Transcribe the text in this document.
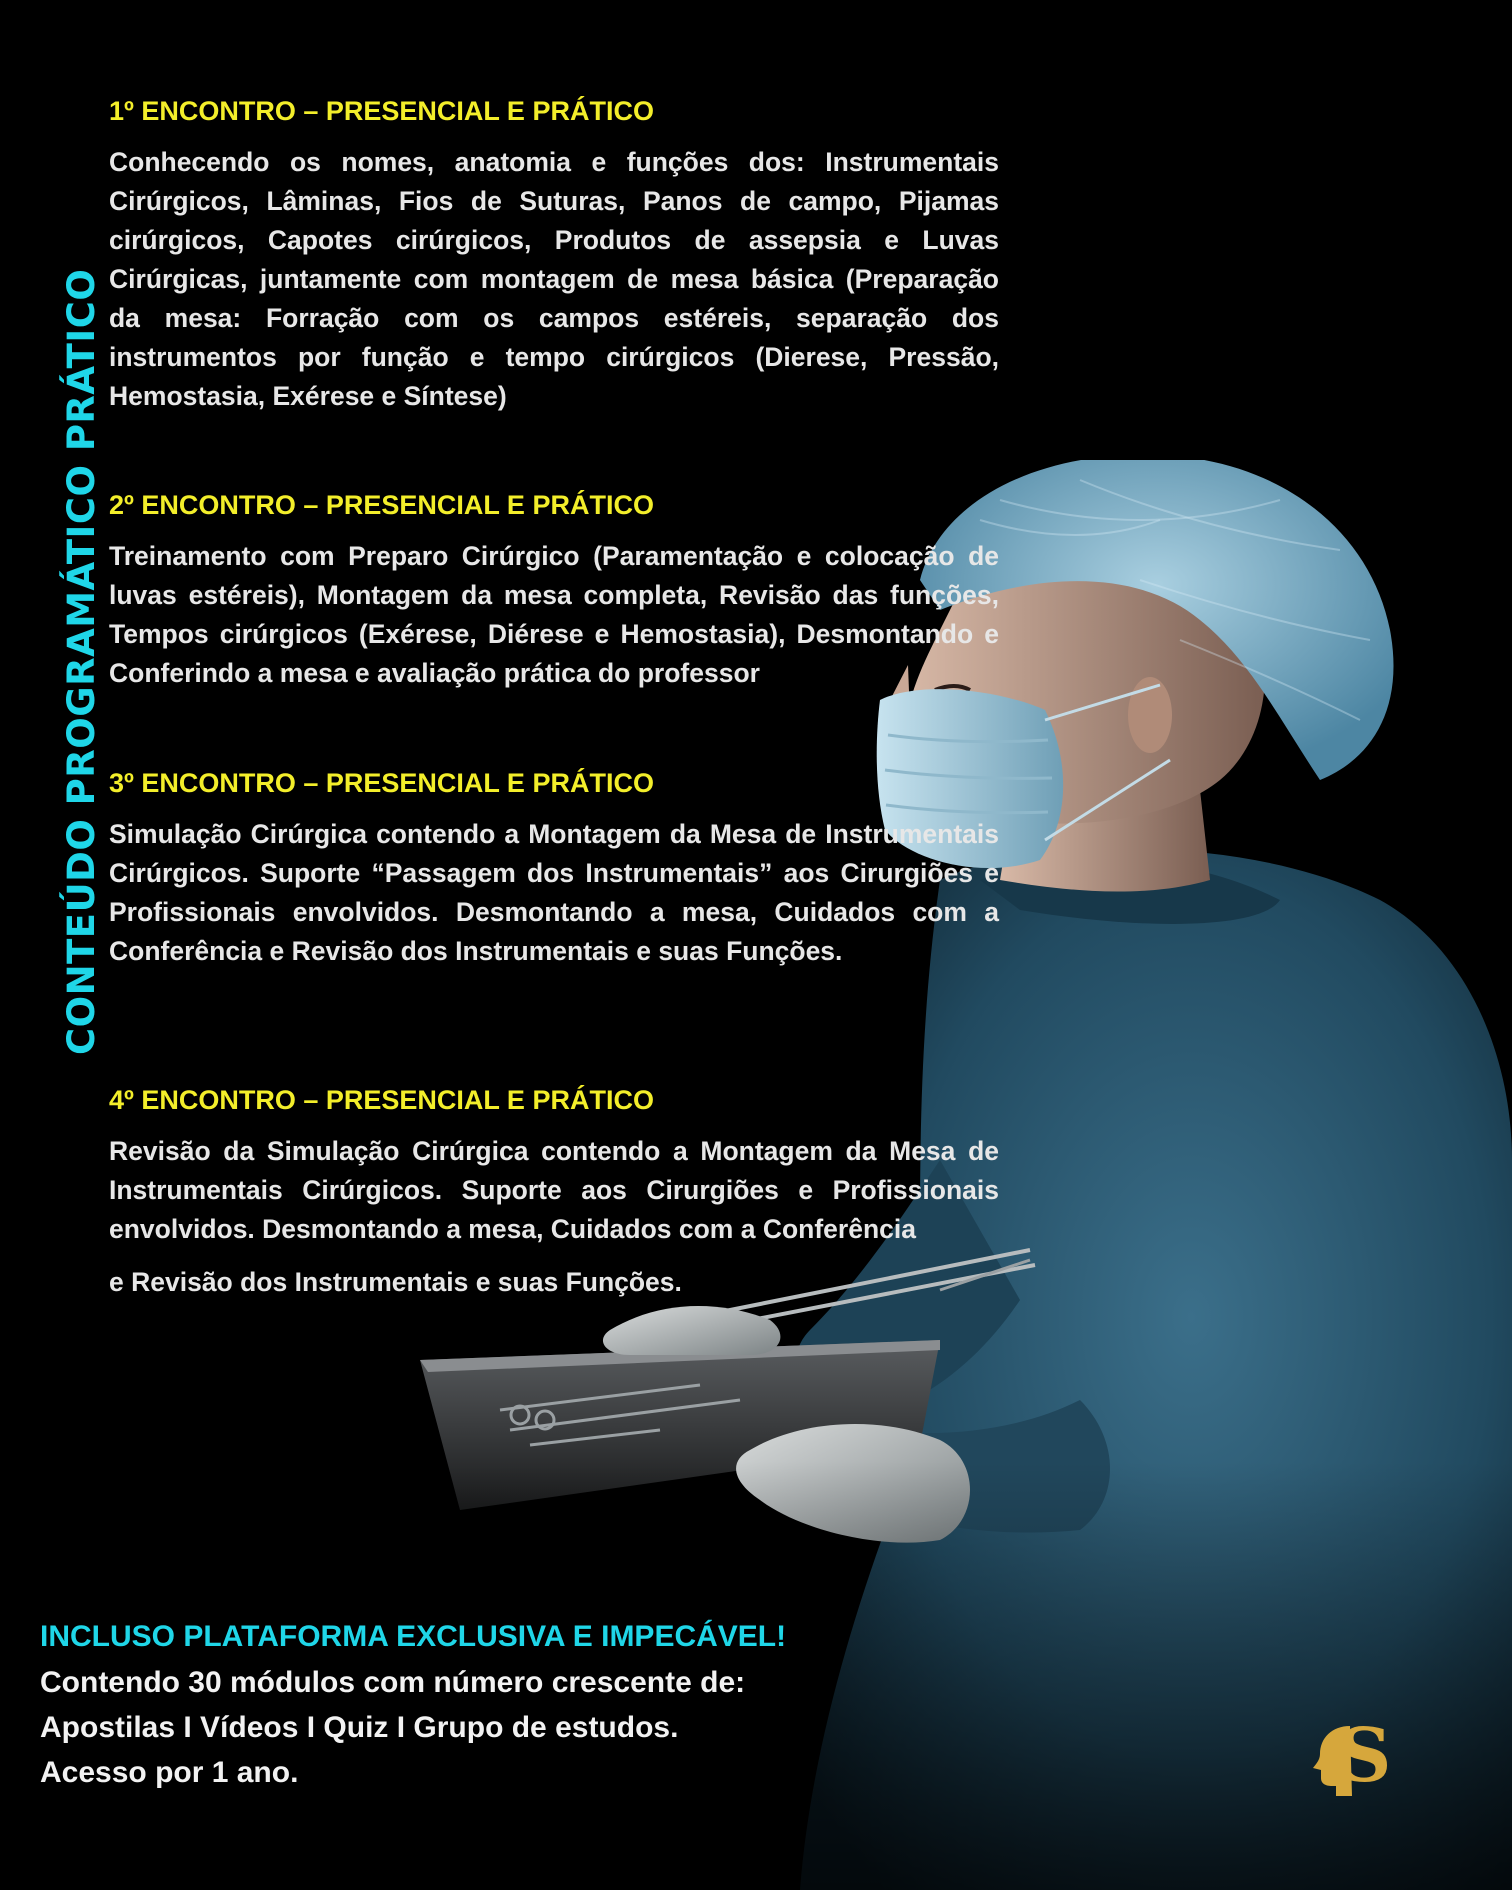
CONTEÚDO PROGRAMÁTICO PRÁTICO
1º ENCONTRO – PRESENCIAL E PRÁTICO

Conhecendo os nomes, anatomia e funções dos: Instrumentais Cirúrgicos, Lâminas, Fios de Suturas, Panos de campo, Pijamas cirúrgicos, Capotes cirúrgicos, Produtos de assepsia e Luvas Cirúrgicas, juntamente com montagem de mesa básica (Preparação da mesa: Forração com os campos estéreis, separação dos instrumentos por função e tempo cirúrgicos (Dierese, Pressão, Hemostasia, Exérese e Síntese)

2º ENCONTRO – PRESENCIAL E PRÁTICO

Treinamento com Preparo Cirúrgico (Paramentação e colocação de luvas estéreis), Montagem da mesa completa, Revisão das funções, Tempos cirúrgicos (Exérese, Diérese e Hemostasia), Desmontando e Conferindo a mesa e avaliação prática do professor

3º ENCONTRO – PRESENCIAL E PRÁTICO

Simulação Cirúrgica contendo a Montagem da Mesa de Instrumentais Cirúrgicos. Suporte “Passagem dos Instrumentais” aos Cirurgiões e Profissionais envolvidos. Desmontando a mesa, Cuidados com a Conferência e Revisão dos Instrumentais e suas Funções.

4º ENCONTRO – PRESENCIAL E PRÁTICO

Revisão da Simulação Cirúrgica contendo a Montagem da Mesa de Instrumentais Cirúrgicos. Suporte aos Cirurgiões e Profissionais envolvidos. Desmontando a mesa, Cuidados com a Conferência

e Revisão dos Instrumentais e suas Funções.

INCLUSO PLATAFORMA EXCLUSIVA E IMPECÁVEL!

Contendo 30 módulos com número crescente de:

Apostilas I Vídeos I Quiz I Grupo de estudos.

Acesso por 1 ano.	S
